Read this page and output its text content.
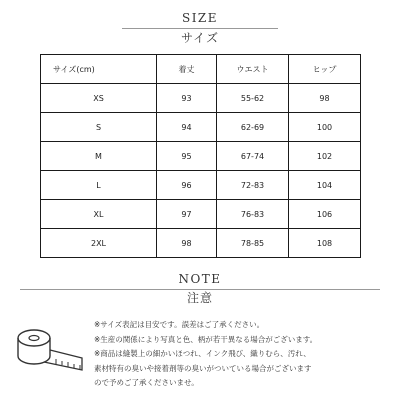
SIZE
サイズ
サイズ(cm)	着丈	ウエスト	ヒップ
XS	93	55-62	98
S	94	62-69	100
M	95	67-74	102
L	96	72-83	104
XL	97	76-83	106
2XL	98	78-85	108
NOTE
注意
※サイズ表記は目安です。誤差はご了承ください。
※生産の関係により写真と色、柄が若干異なる場合がございます。
※商品は縫製上の細かいほつれ、インク飛び、織りむら、汚れ、
素材特有の臭いや接着剤等の臭いがついている場合がございます
ので予めご了承くださいませ。
